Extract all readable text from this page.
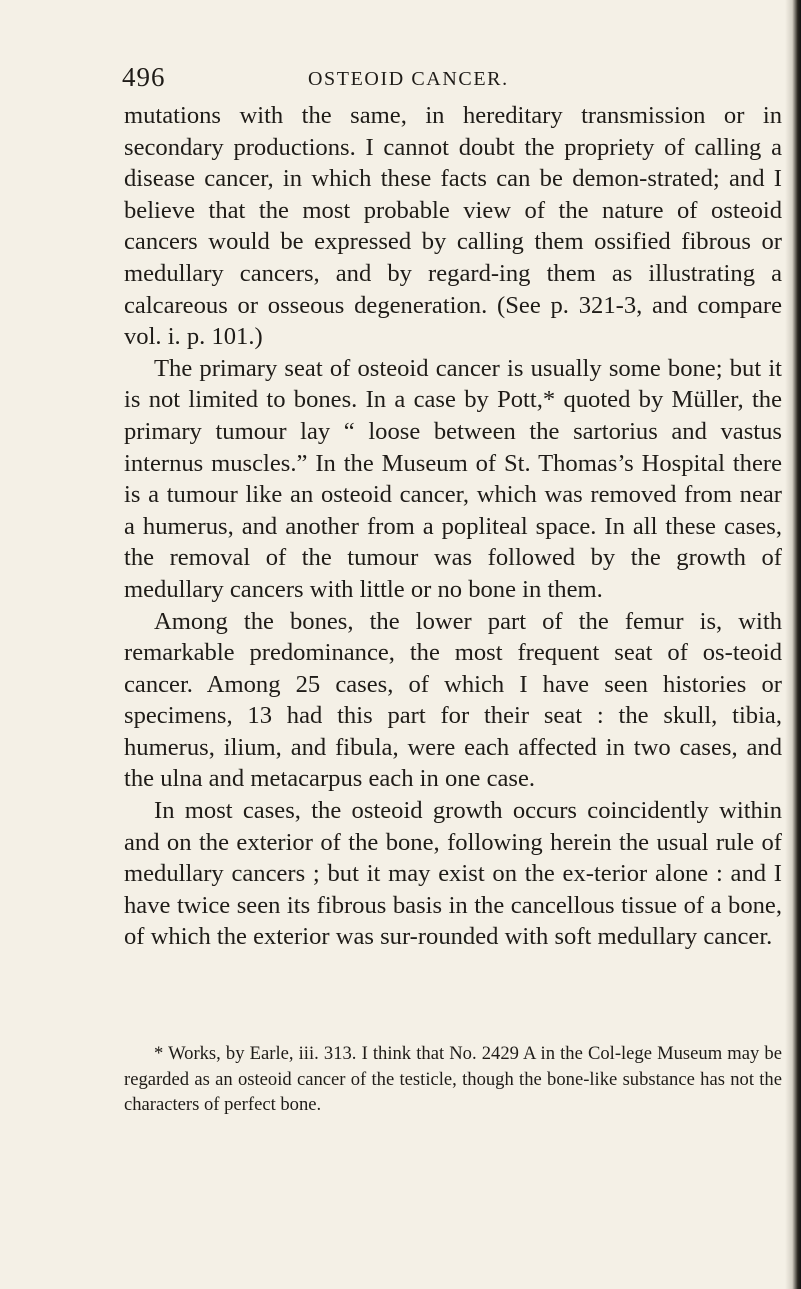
496	OSTEOID CANCER.

mutations with the same, in hereditary transmission or in secondary productions. I cannot doubt the propriety of calling a disease cancer, in which these facts can be demon-strated; and I believe that the most probable view of the nature of osteoid cancers would be expressed by calling them ossified fibrous or medullary cancers, and by regard-ing them as illustrating a calcareous or osseous degeneration. (See p. 321-3, and compare vol. i. p. 101.)

The primary seat of osteoid cancer is usually some bone; but it is not limited to bones. In a case by Pott,* quoted by Müller, the primary tumour lay “ loose between the sartorius and vastus internus muscles.” In the Museum of St. Thomas’s Hospital there is a tumour like an osteoid cancer, which was removed from near a humerus, and another from a popliteal space. In all these cases, the removal of the tumour was followed by the growth of medullary cancers with little or no bone in them.

Among the bones, the lower part of the femur is, with remarkable predominance, the most frequent seat of os-teoid cancer. Among 25 cases, of which I have seen histories or specimens, 13 had this part for their seat : the skull, tibia, humerus, ilium, and fibula, were each affected in two cases, and the ulna and metacarpus each in one case.

In most cases, the osteoid growth occurs coincidently within and on the exterior of the bone, following herein the usual rule of medullary cancers ; but it may exist on the ex-terior alone : and I have twice seen its fibrous basis in the cancellous tissue of a bone, of which the exterior was sur-rounded with soft medullary cancer.

* Works, by Earle, iii. 313. I think that No. 2429 A in the Col-lege Museum may be regarded as an osteoid cancer of the testicle, though the bone-like substance has not the characters of perfect bone.
